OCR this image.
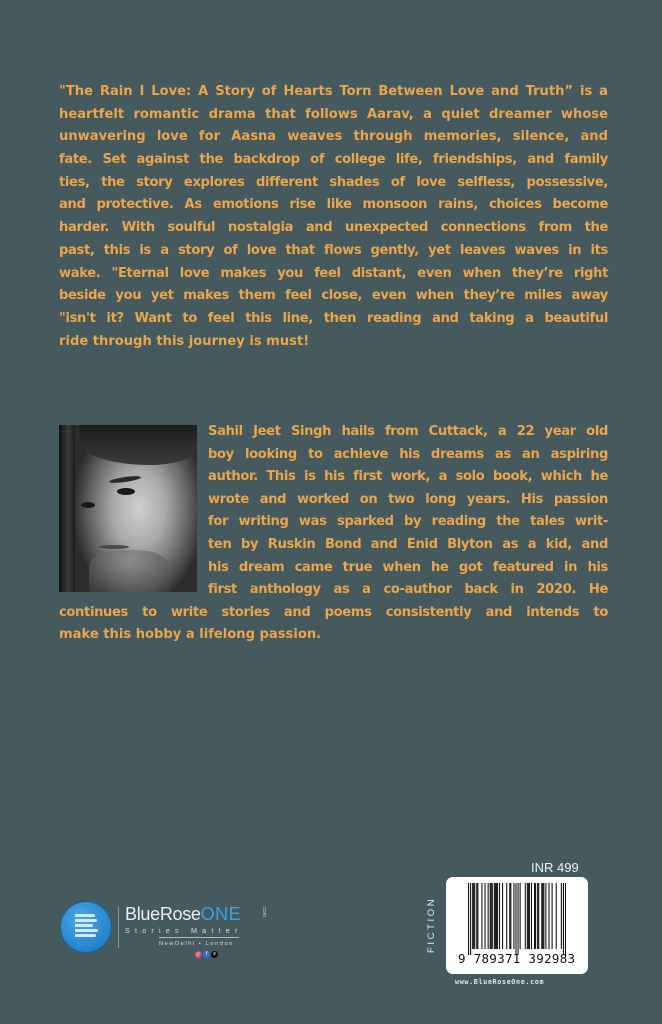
"The Rain I Love: A Story of Hearts Torn Between Love and Truth” is a
heartfelt romantic drama that follows Aarav, a quiet dreamer whose
unwavering love for Aasna weaves through memories, silence, and
fate. Set against the backdrop of college life, friendships, and family
ties, the story explores different shades of love selfless, possessive,
and protective. As emotions rise like monsoon rains, choices become
harder. With soulful nostalgia and unexpected connections from the
past, this is a story of love that flows gently, yet leaves waves in its
wake. "Eternal love makes you feel distant, even when they’re right
beside you yet makes them feel close, even when they’re miles away
"isn't it? Want to feel this line, then reading and taking a beautiful
ride through this journey is must!
Sahil Jeet Singh hails from Cuttack, a 22 year old
boy looking to achieve his dreams as an aspiring
author. This is his first work, a solo book, which he
wrote and worked on two long years. His passion
for writing was sparked by reading the tales writ-
ten by Ruskin Bond and Enid Blyton as a kid, and
his dream came true when he got featured in his
first anthology as a co-author back in 2020. He
continues to write stories and poems consistently and intends to
make this hobby a lifelong passion.
BlueRoseONE	.com
Stories Matter
NewDelhi • London
◎ f	x
INR 499
FICTION
9 789371 392983
www.BlueRoseOne.com
